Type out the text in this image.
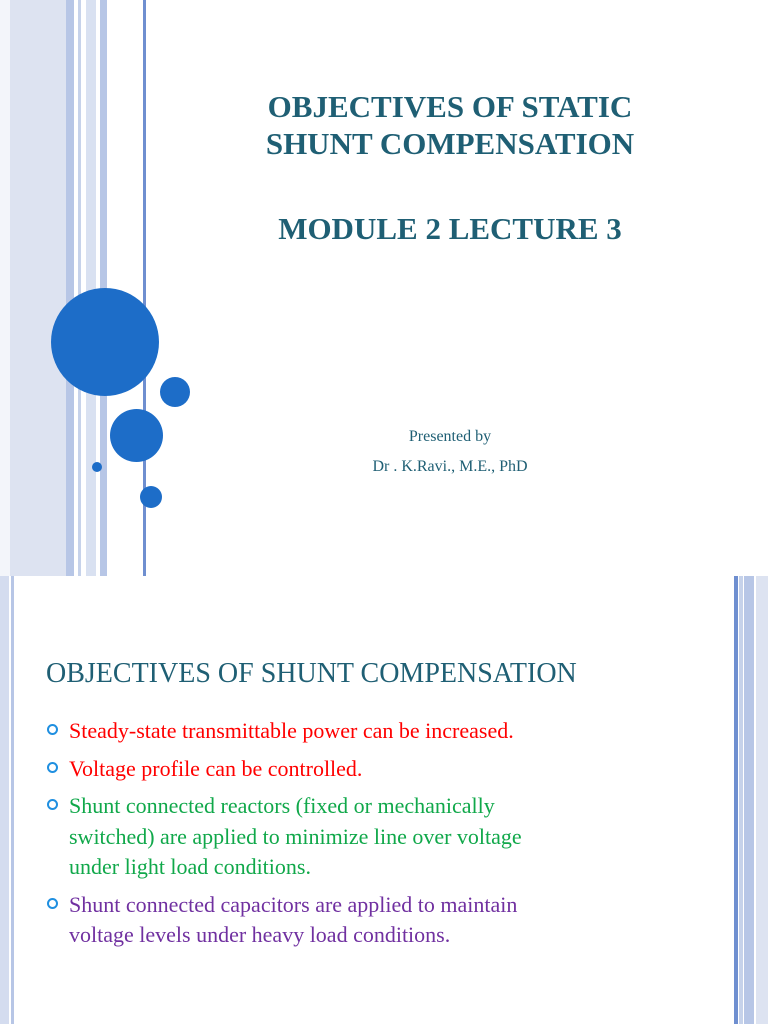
OBJECTIVES OF STATIC
SHUNT COMPENSATION
MODULE 2 LECTURE 3
Presented by
Dr . K.Ravi., M.E., PhD
OBJECTIVES OF SHUNT COMPENSATION
Steady-state transmittable power can be increased.
Voltage profile can be controlled.
Shunt connected reactors (fixed or mechanically
switched) are applied to minimize line over voltage
under light load conditions.
Shunt connected capacitors are applied to maintain
voltage levels under heavy load conditions.
